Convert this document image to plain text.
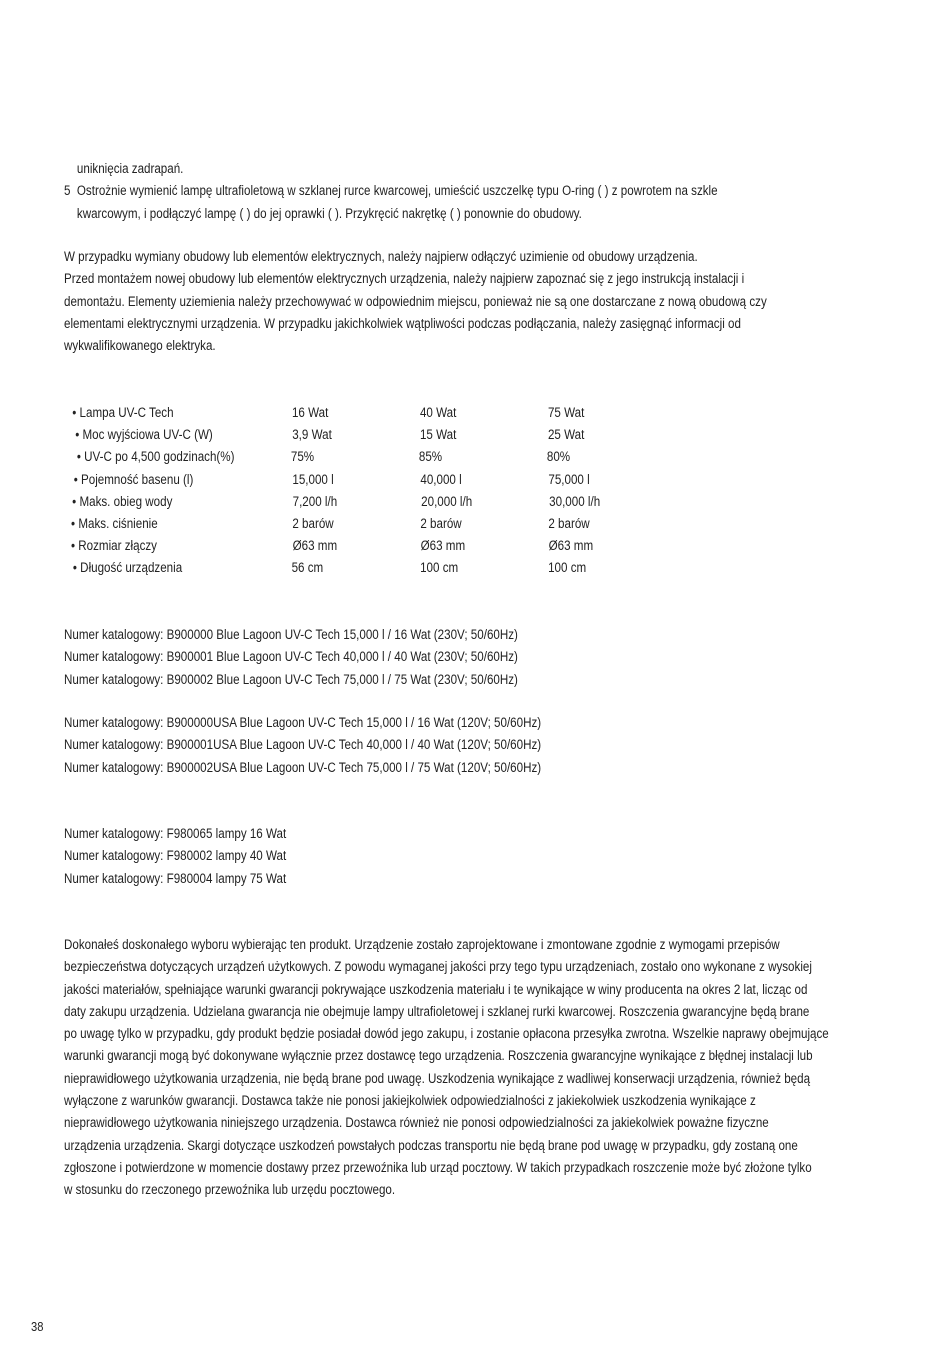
uniknięcia zadrapań.
5 Ostrożnie wymienić lampę ultrafioletową w szklanej rurce kwarcowej, umieścić uszczelkę typu O-ring ( ) z powrotem na szkle
kwarcowym, i podłączyć lampę ( ) do jej oprawki ( ). Przykręcić nakrętkę ( ) ponownie do obudowy.
W przypadku wymiany obudowy lub elementów elektrycznych, należy najpierw odłączyć uzimienie od obudowy urządzenia.
Przed montażem nowej obudowy lub elementów elektrycznych urządzenia, należy najpierw zapoznać się z jego instrukcją instalacji i
demontażu. Elementy uziemienia należy przechowywać w odpowiednim miejscu, ponieważ nie są one dostarczane z nową obudową czy
elementami elektrycznymi urządzenia. W przypadku jakichkolwiek wątpliwości podczas podłączania, należy zasięgnąć informacji od
wykwalifikowanego elektryka.
• Lampa UV-C Tech	16 Wat	40 Wat	75 Wat
• Moc wyjściowa UV-C (W)	3,9 Wat	15 Wat	25 Wat
• UV-C po 4,500 godzinach(%)	75%	85%	80%
• Pojemność basenu (l)	15,000 l	40,000 l	75,000 l
• Maks. obieg wody	7,200 l/h	20,000 l/h	30,000 l/h
• Maks. ciśnienie	2 barów	2 barów	2 barów
• Rozmiar złączy	Ø63 mm	Ø63 mm	Ø63 mm
• Długość urządzenia	56 cm	100 cm	100 cm
Numer katalogowy: B900000 Blue Lagoon UV-C Tech 15,000 l / 16 Wat (230V; 50/60Hz)
Numer katalogowy: B900001 Blue Lagoon UV-C Tech 40,000 l / 40 Wat (230V; 50/60Hz)
Numer katalogowy: B900002 Blue Lagoon UV-C Tech 75,000 l / 75 Wat (230V; 50/60Hz)
Numer katalogowy: B900000USA Blue Lagoon UV-C Tech 15,000 l / 16 Wat (120V; 50/60Hz)
Numer katalogowy: B900001USA Blue Lagoon UV-C Tech 40,000 l / 40 Wat (120V; 50/60Hz)
Numer katalogowy: B900002USA Blue Lagoon UV-C Tech 75,000 l / 75 Wat (120V; 50/60Hz)
Numer katalogowy: F980065 lampy 16 Wat
Numer katalogowy: F980002 lampy 40 Wat
Numer katalogowy: F980004 lampy 75 Wat
Dokonałeś doskonałego wyboru wybierając ten produkt. Urządzenie zostało zaprojektowane i zmontowane zgodnie z wymogami przepisów
bezpieczeństwa dotyczących urządzeń użytkowych. Z powodu wymaganej jakości przy tego typu urządzeniach, zostało ono wykonane z wysokiej
jakości materiałów, spełniające warunki gwarancji pokrywające uszkodzenia materiału i te wynikające w winy producenta na okres 2 lat, licząc od
daty zakupu urządzenia. Udzielana gwarancja nie obejmuje lampy ultrafioletowej i szklanej rurki kwarcowej. Roszczenia gwarancyjne będą brane
po uwagę tylko w przypadku, gdy produkt będzie posiadał dowód jego zakupu, i zostanie opłacona przesyłka zwrotna. Wszelkie naprawy obejmujące
warunki gwarancji mogą być dokonywane wyłącznie przez dostawcę tego urządzenia. Roszczenia gwarancyjne wynikające z błędnej instalacji lub
nieprawidłowego użytkowania urządzenia, nie będą brane pod uwagę. Uszkodzenia wynikające z wadliwej konserwacji urządzenia, również będą
wyłączone z warunków gwarancji. Dostawca także nie ponosi jakiejkolwiek odpowiedzialności z jakiekolwiek uszkodzenia wynikające z
nieprawidłowego użytkowania niniejszego urządzenia. Dostawca również nie ponosi odpowiedzialności za jakiekolwiek poważne fizyczne
urządzenia urządzenia. Skargi dotyczące uszkodzeń powstałych podczas transportu nie będą brane pod uwagę w przypadku, gdy zostaną one
zgłoszone i potwierdzone w momencie dostawy przez przewoźnika lub urząd pocztowy. W takich przypadkach roszczenie może być złożone tylko
w stosunku do rzeczonego przewoźnika lub urzędu pocztowego.
38
